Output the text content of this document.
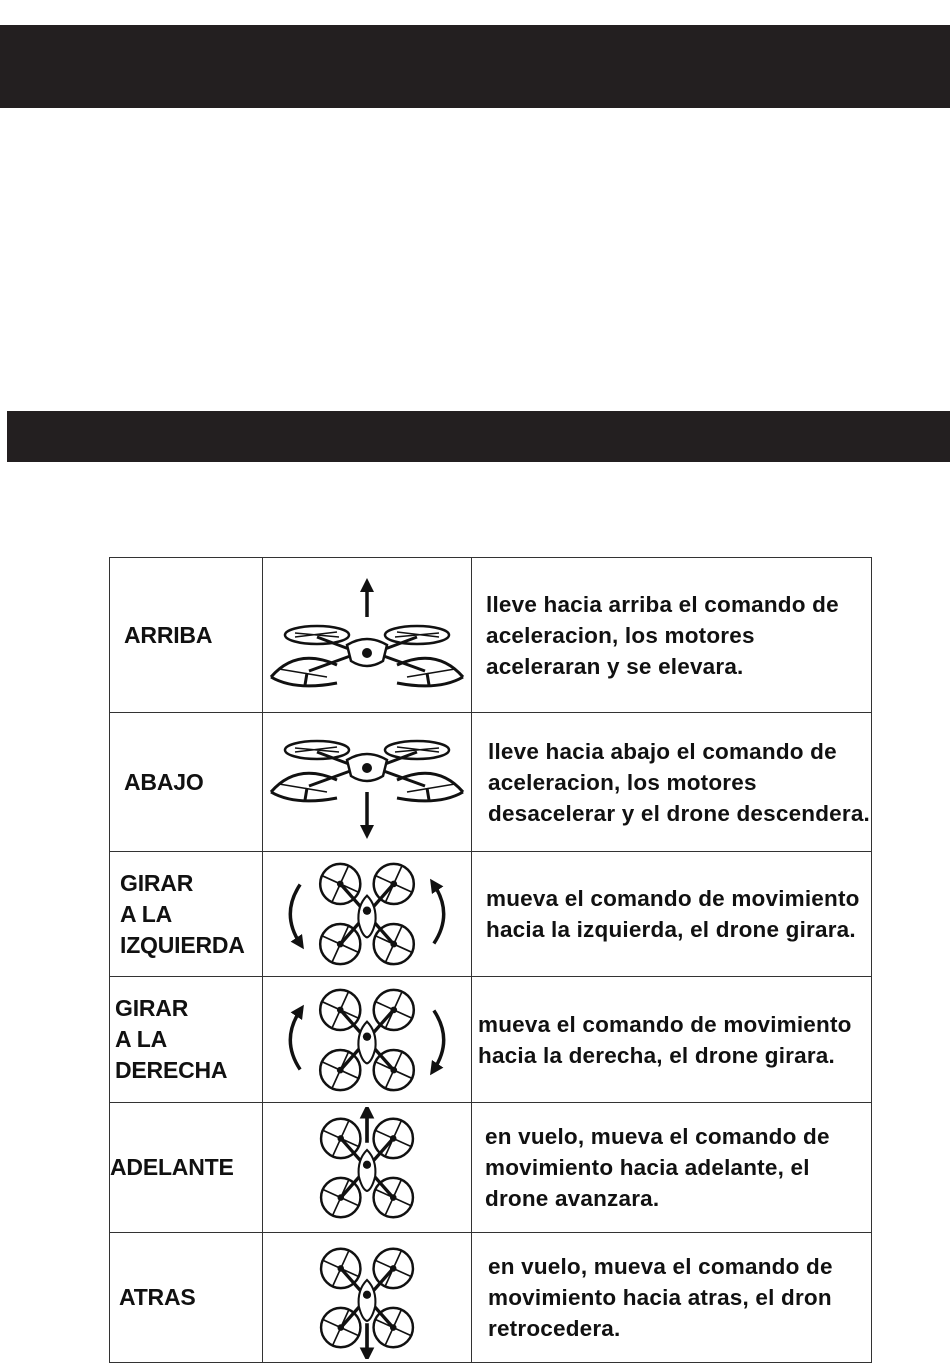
ARRIBA		lleve hacia arriba el comando de aceleracion, los motores aceleraran y se elevara.

ABAJO		lleve hacia abajo el comando de aceleracion, los motores desacelerar y el drone descendera.

GIRAR
A LA
IZQUIERDA		mueva el comando de movimiento hacia la izquierda, el drone girara.

GIRAR
A LA
DERECHA		mueva el comando de movimiento hacia la derecha, el drone girara.

ADELANTE		en vuelo, mueva el comando de movimiento hacia adelante, el drone avanzara.

ATRAS		en vuelo, mueva el comando de movimiento hacia atras, el dron retrocedera.
